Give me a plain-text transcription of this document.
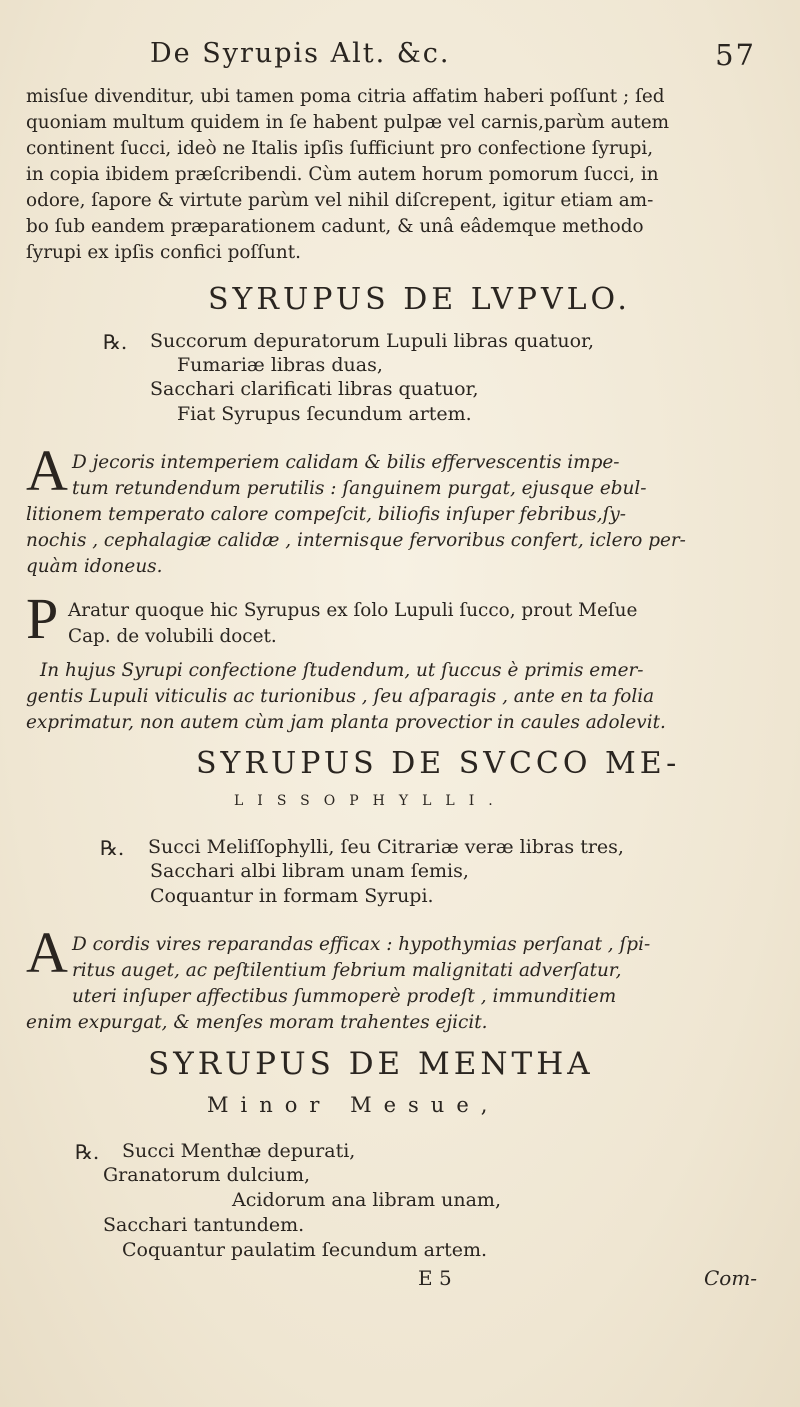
De Syrupis Alt. &c.	57
misſue divenditur, ubi tamen poma citria affatim haberi poſſunt ; ſed
quoniam multum quidem in ſe habent pulpæ vel carnis,parùm autem
continent ſucci, ideò ne Italis ipſis ſufficiunt pro confectione ſyrupi,
in copia ibidem præſcribendi. Cùm autem horum pomorum ſucci, in
odore, ſapore & virtute parùm vel nihil diſcrepent, igitur etiam am-
bo ſub eandem præparationem cadunt, & unâ eâdemque methodo
ſyrupi ex ipſis confici poſſunt.
SYRUPUS DE LVPVLO.
℞. Succorum depuratorum Lupuli libras quatuor,
Fumariæ libras duas,
Sacchari clarificati libras quatuor,
Fiat Syrupus ſecundum artem.
A D jecoris intemperiem calidam & bilis effervescentis impe-
tum retundendum perutilis : ſanguinem purgat, ejusque ebul-
litionem temperato calore compeſcit, biliofis inſuper febribus,ſy-
nochis , cephalagiæ calidæ , internisque fervoribus confert, iclero per-
quàm idoneus.
P Aratur quoque hic Syrupus ex ſolo Lupuli ſucco, prout Meſue
Cap. de volubili docet.
In hujus Syrupi confectione ſtudendum, ut ſuccus è primis emer-
gentis Lupuli viticulis ac turionibus , ſeu aſparagis , ante en ta folia
exprimatur, non autem cùm jam planta provectior in caules adolevit.
SYRUPUS DE SVCCO ME-
LISSOPHYLLI.
℞. Succi Meliſſophylli, ſeu Citrariæ veræ libras tres,
Sacchari albi libram unam ſemis,
Coquantur in formam Syrupi.
A D cordis vires reparandas efficax : hypothymias perſanat , ſpi-
ritus auget, ac peſtilentium febrium malignitati adverſatur,
uteri inſuper affectibus ſummoperè prodeſt , immunditiem
enim expurgat, & menſes moram trahentes ejicit.
SYRUPUS DE MENTHA
Minor Mesue,
℞. Succi Menthæ depurati,
Granatorum dulcium,
Acidorum ana libram unam,
Sacchari tantundem.
Coquantur paulatim ſecundum artem.
E 5	Com-
